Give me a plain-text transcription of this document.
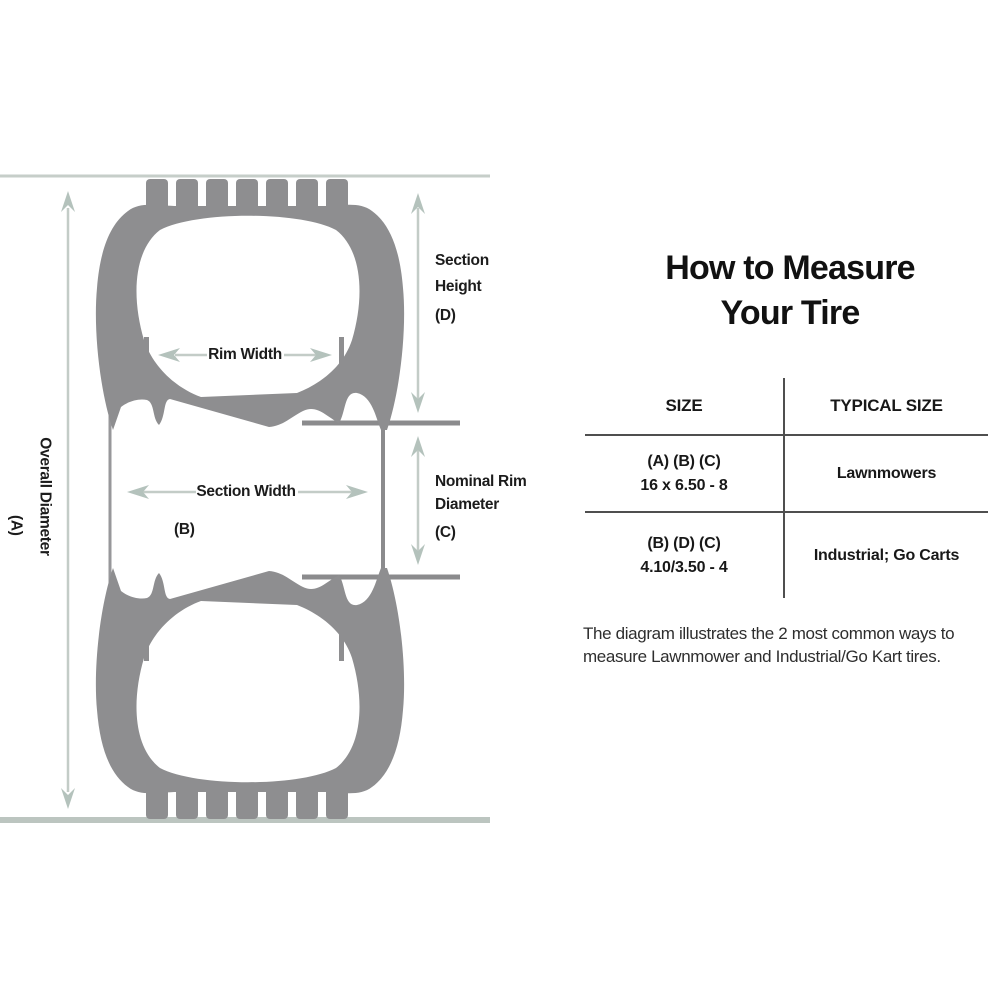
Overall Diameter
(A)
Rim Width
Section Width
(B)
Section
Height
(D)
Nominal Rim
Diameter
(C)
How to Measure
Your Tire
SIZE	TYPICAL SIZE
(A) (B) (C)
16 x 6.50 - 8
Lawnmowers
(B) (D) (C)
4.10/3.50 - 4
Industrial; Go Carts
The diagram illustrates the 2 most common ways to measure Lawnmower and Industrial/Go Kart tires.
